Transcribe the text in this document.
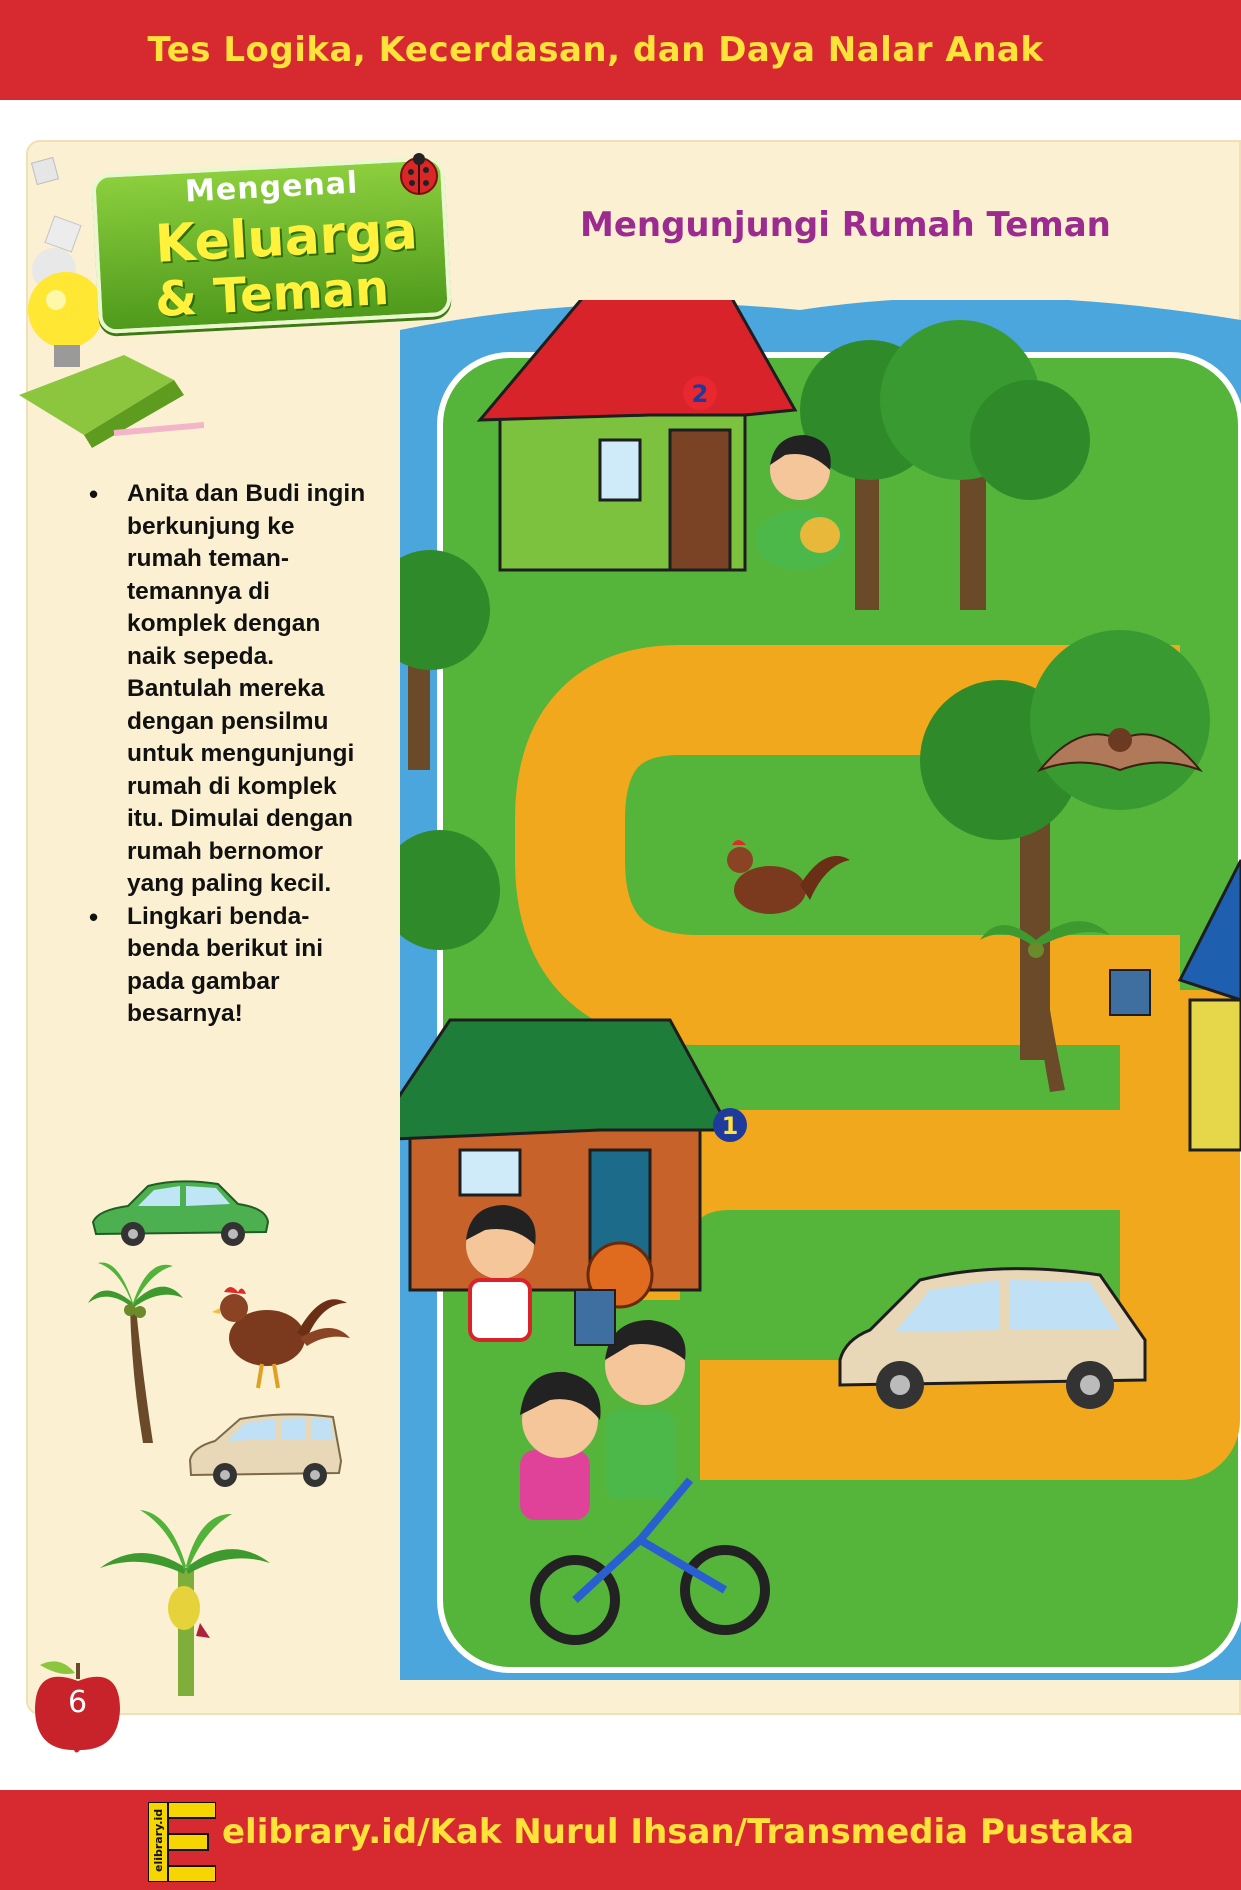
Tes Logika, Kecerdasan, dan Daya Nalar Anak
Mengenal
Keluarga
& Teman
Mengunjungi Rumah Teman
• Anita dan Budi ingin berkunjung ke rumah teman-temannya di komplek dengan naik sepeda. Bantulah mereka dengan pensilmu untuk mengunjungi rumah di komplek itu. Dimulai dengan rumah bernomor yang paling kecil.
• Lingkari benda-benda berikut ini pada gambar besarnya!
2
1
6
elibrary.id elibrary.id/Kak Nurul Ihsan/Transmedia Pustaka
